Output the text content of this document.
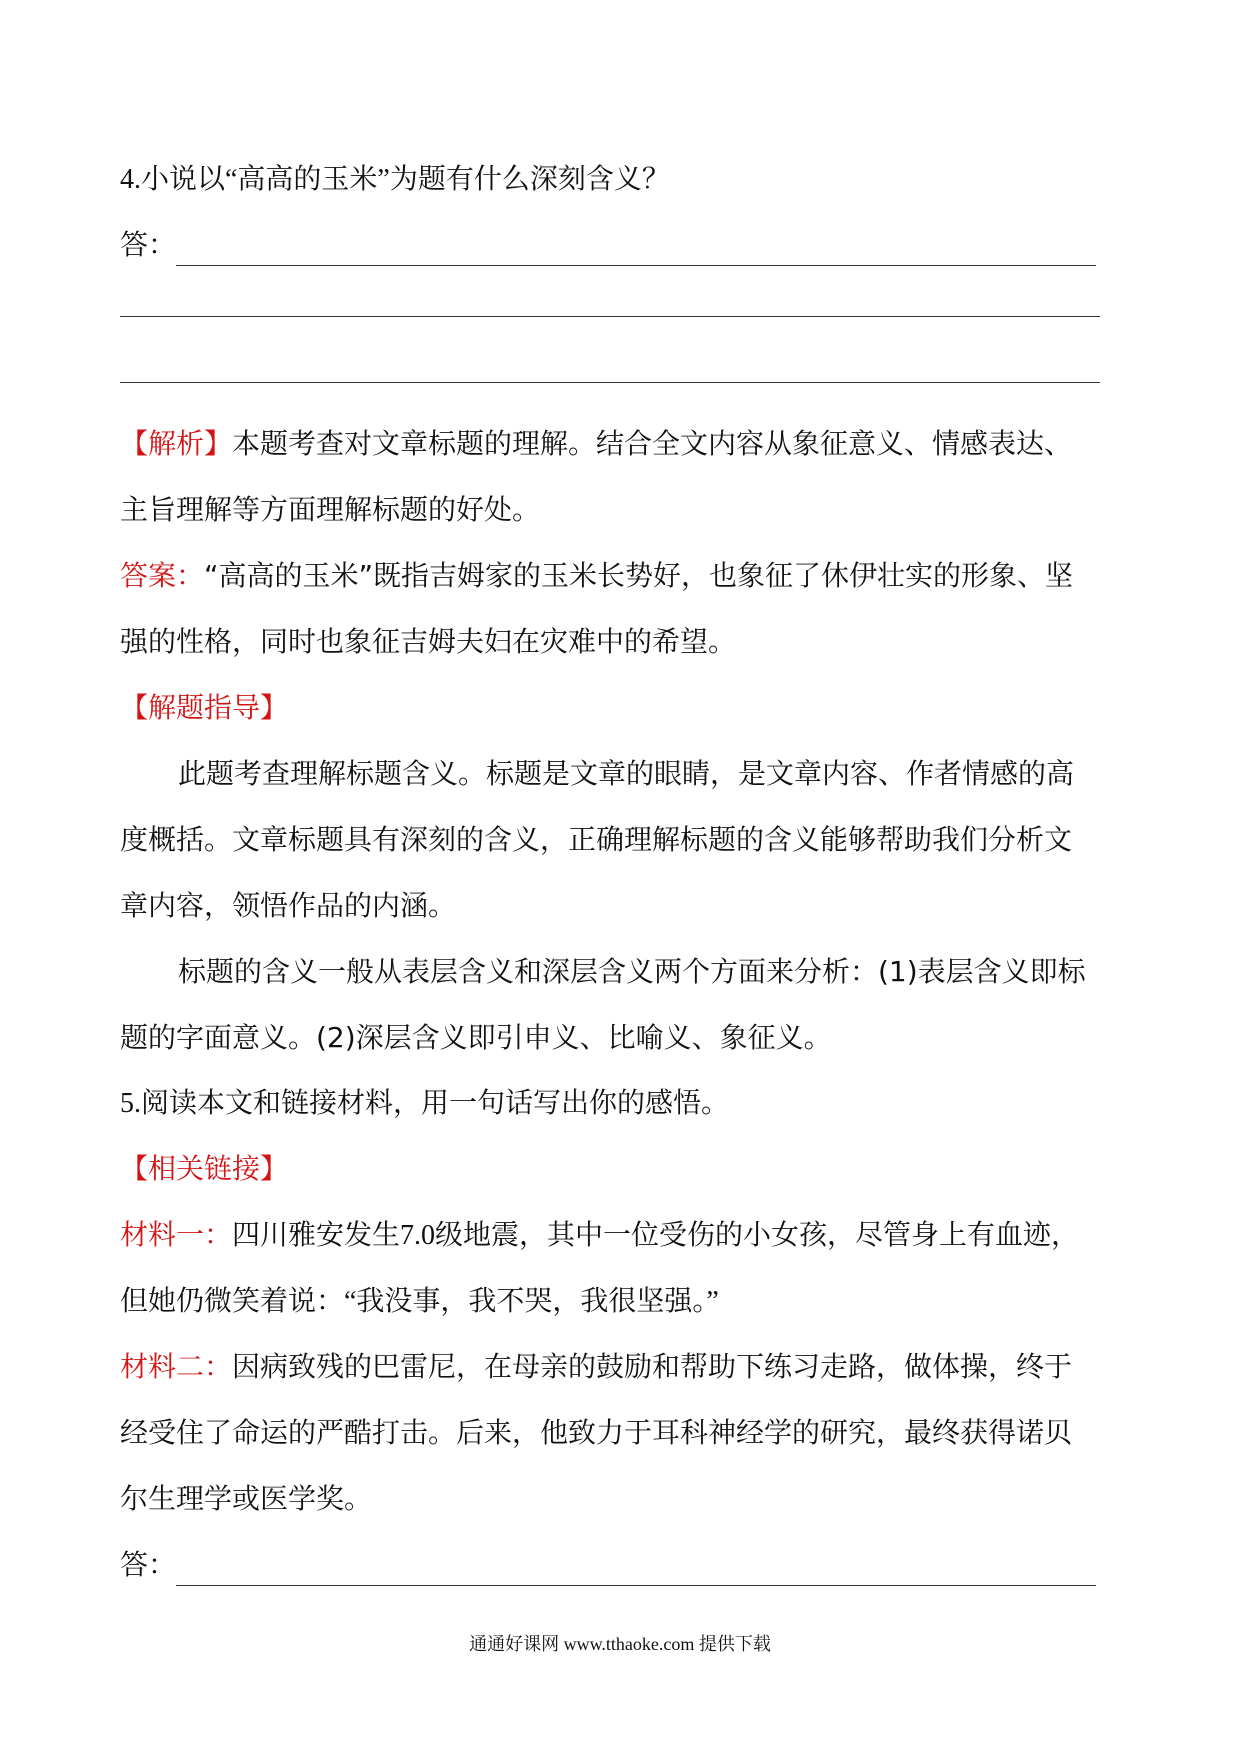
4.小说以“高高的玉米”为题有什么深刻含义？
答：
【解析】本题考查对文章标题的理解。结合全文内容从象征意义、情感表达、
主旨理解等方面理解标题的好处。
答案：“高高的玉米”既指吉姆家的玉米长势好，也象征了休伊壮实的形象、坚
强的性格，同时也象征吉姆夫妇在灾难中的希望。
【解题指导】
此题考查理解标题含义。标题是文章的眼睛，是文章内容、作者情感的高
度概括。文章标题具有深刻的含义，正确理解标题的含义能够帮助我们分析文
章内容，领悟作品的内涵。
标题的含义一般从表层含义和深层含义两个方面来分析：(1)表层含义即标
题的字面意义。(2)深层含义即引申义、比喻义、象征义。
5.阅读本文和链接材料，用一句话写出你的感悟。
【相关链接】
材料一：四川雅安发生7.0级地震，其中一位受伤的小女孩，尽管身上有血迹，
但她仍微笑着说：“我没事，我不哭，我很坚强。”
材料二：因病致残的巴雷尼，在母亲的鼓励和帮助下练习走路，做体操，终于
经受住了命运的严酷打击。后来，他致力于耳科神经学的研究，最终获得诺贝
尔生理学或医学奖。
答：
通通好课网 www.tthaoke.com 提供下载
